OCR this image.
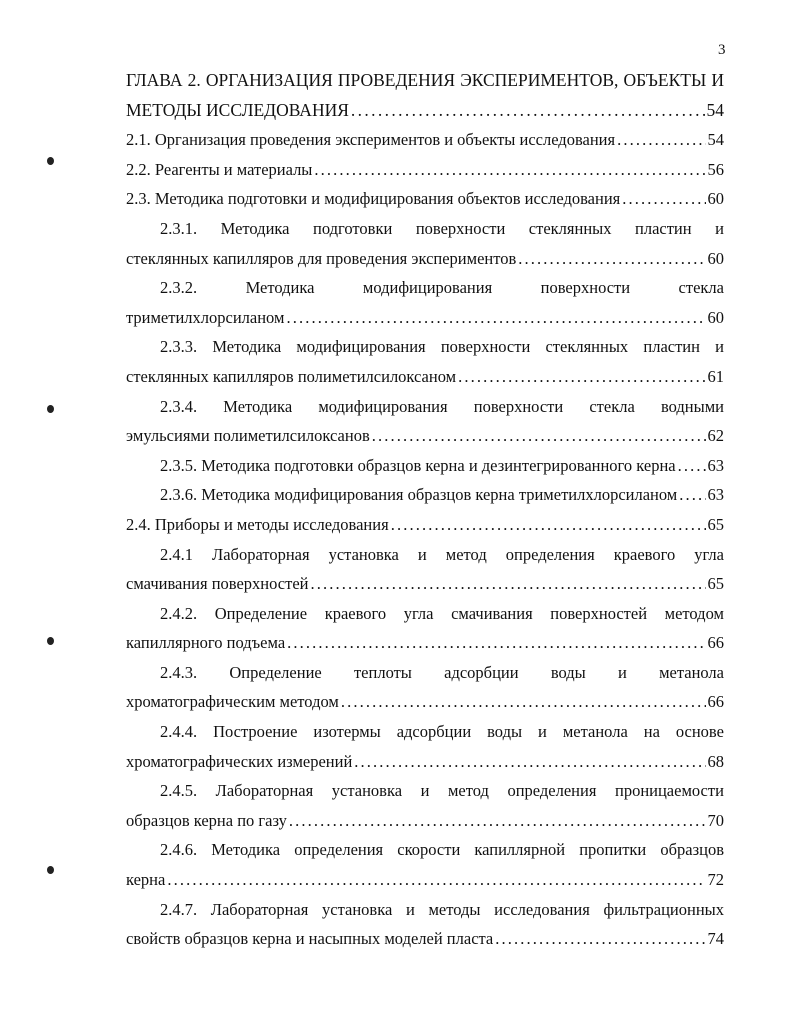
3
ГЛАВА 2. ОРГАНИЗАЦИЯ ПРОВЕДЕНИЯ ЭКСПЕРИМЕНТОВ, ОБЪЕКТЫ И
МЕТОДЫ ИССЛЕДОВАНИЯ . . .	54
2.1. Организация проведения экспериментов и объекты исследования . . .	54
2.2. Реагенты и материалы . . .	56
2.3. Методика подготовки и модифицирования объектов исследования . . .	60
2.3.1. Методика подготовки поверхности стеклянных пластин и
стеклянных капилляров для проведения экспериментов . . .	60
2.3.2.	Методика	модифицирования	поверхности	стекла
триметилхлорсиланом . . .	60
2.3.3. Методика модифицирования поверхности стеклянных пластин и
стеклянных капилляров полиметилсилоксаном . . .	61
2.3.4. Методика модифицирования поверхности стекла водными
эмульсиями полиметилсилоксанов . . .	62
2.3.5. Методика подготовки образцов керна и дезинтегрированного керна . . . 63
2.3.6. Методика модифицирования образцов керна триметилхлорсиланом . . . 63
2.4. Приборы и методы исследования . . .	65
2.4.1 Лабораторная установка и метод определения краевого угла
смачивания поверхностей . . .	65
2.4.2. Определение краевого угла смачивания поверхностей методом
капиллярного подъема . . .	66
2.4.3. Определение теплоты адсорбции воды и метанола
хроматографическим методом . . .	66
2.4.4. Построение изотермы адсорбции воды и метанола на основе
хроматографических измерений . . .	68
2.4.5. Лабораторная установка и метод определения проницаемости
образцов керна по газу . . .	70
2.4.6. Методика определения скорости капиллярной пропитки образцов
керна . . .	72
2.4.7. Лабораторная установка и методы исследования фильтрационных
свойств образцов керна и насыпных моделей пласта . . .	74
